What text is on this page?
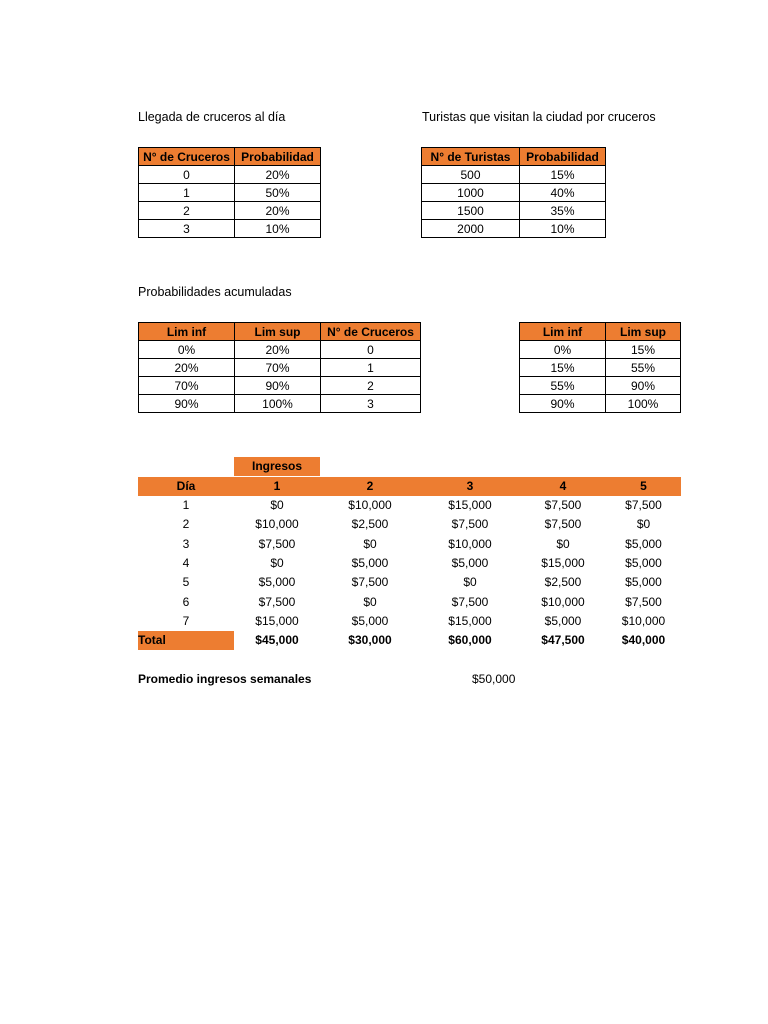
Llegada de cruceros al día	Turistas que visitan la ciudad por cruceros
Probabilidades acumuladas
N° de Cruceros	Probabilidad
0	20%
1	50%
2	20%
3	10%
N° de Turistas	Probabilidad
500	15%
1000	40%
1500	35%
2000	10%
Lim inf	Lim sup	N° de Cruceros
0%	20%	0
20%	70%	1
70%	90%	2
90%	100%	3
Lim inf	Lim sup
0%	15%
15%	55%
55%	90%
90%	100%
Ingresos
Día	1	2	3	4	5
1	$0	$10,000	$15,000	$7,500	$7,500
2	$10,000	$2,500	$7,500	$7,500	$0
3	$7,500	$0	$10,000	$0	$5,000
4	$0	$5,000	$5,000	$15,000	$5,000
5	$5,000	$7,500	$0	$2,500	$5,000
6	$7,500	$0	$7,500	$10,000	$7,500
7	$15,000	$5,000	$15,000	$5,000	$10,000
Total	$45,000	$30,000	$60,000	$47,500	$40,000
Promedio ingresos semanales	$50,000
